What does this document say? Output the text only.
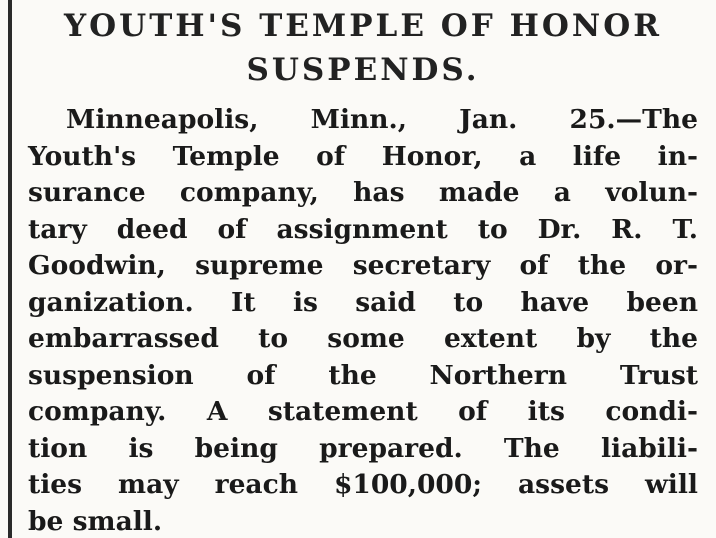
YOUTH'S TEMPLE OF HONOR
SUSPENDS.
Minneapolis, Minn., Jan. 25.—The
Youth's Temple of Honor, a life in-
surance company, has made a volun-
tary deed of assignment to Dr. R. T.
Goodwin, supreme secretary of the or-
ganization. It is said to have been
embarrassed to some extent by the
suspension of the Northern Trust
company. A statement of its condi-
tion is being prepared. The liabili-
ties may reach $100,000; assets will
be small.
